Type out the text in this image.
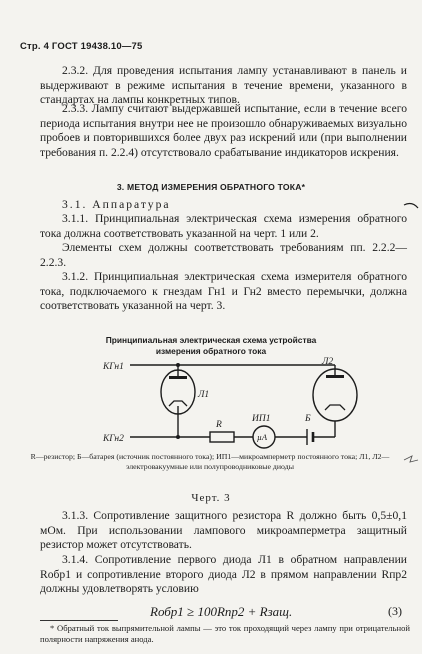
Стр. 4 ГОСТ 19438.10—75
2.3.2. Для проведения испытания лампу устанавливают в панель и выдерживают в режиме испытания в течение времени, указанного в стандартах на лампы конкретных типов.
2.3.3. Лампу считают выдержавшей испытание, если в течение всего периода испытания внутри нее не произошло обнаруживаемых визуально пробоев и повторившихся более двух раз искрений или (при выполнении требования п. 2.2.4) отсутствовало срабатывание индикаторов искрения.
3. МЕТОД ИЗМЕРЕНИЯ ОБРАТНОГО ТОКА*
3.1. Аппаратура
3.1.1. Принципиальная электрическая схема измерения обратного тока должна соответствовать указанной на черт. 1 или 2.
Элементы схем должны соответствовать требованиям пп. 2.2.2—2.2.3.
3.1.2. Принципиальная электрическая схема измерителя обратного тока, подключаемого к гнездам Гн1 и Гн2 вместо перемычки, должна соответствовать указанной на черт. 3.
Принципиальная электрическая схема устройства
измерения обратного тока
КГн1
КГн2
Л1
Л2
ИП1	Б
R
µA
R—резистор; Б—батарея (источник постоянного тока); ИП1—микроамперметр постоянного тока; Л1, Л2—электровакуумные или полупроводниковые диоды
Черт. 3
3.1.3. Сопротивление защитного резистора R должно быть 0,5±0,1 мОм. При использовании лампового микроамперметра защитный резистор может отсутствовать.
3.1.4. Сопротивление первого диода Л1 в обратном направлении Rобр1 и сопротивление второго диода Л2 в прямом направлении Rпр2 должны удовлетворять условию
Rобр1 ≥ 100Rпр2 + Rзащ.	(3)
* Обратный ток выпрямительной лампы — это ток проходящий через лампу при отрицательной полярности напряжения анода.
